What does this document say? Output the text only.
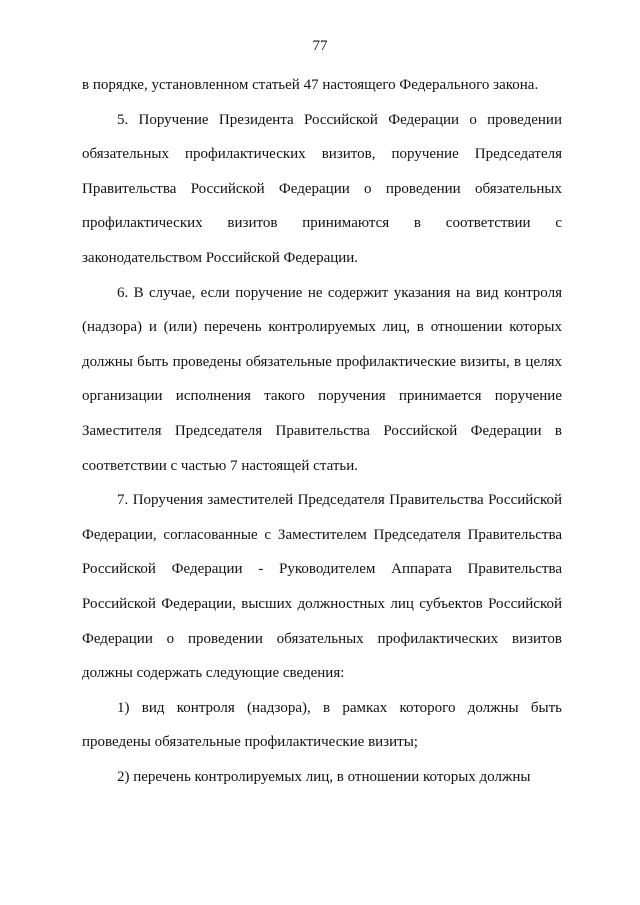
77

в порядке, установленном статьей 47 настоящего Федерального закона.

5. Поручение Президента Российской Федерации о проведении обязательных профилактических визитов, поручение Председателя Правительства Российской Федерации о проведении обязательных профилактических визитов принимаются в соответствии с законодательством Российской Федерации.

6. В случае, если поручение не содержит указания на вид контроля (надзора) и (или) перечень контролируемых лиц, в отношении которых должны быть проведены обязательные профилактические визиты, в целях организации исполнения такого поручения принимается поручение Заместителя Председателя Правительства Российской Федерации в соответствии с частью 7 настоящей статьи.

7. Поручения заместителей Председателя Правительства Российской Федерации, согласованные с Заместителем Председателя Правительства Российской Федерации - Руководителем Аппарата Правительства Российской Федерации, высших должностных лиц субъектов Российской Федерации о проведении обязательных профилактических визитов должны содержать следующие сведения:

1) вид контроля (надзора), в рамках которого должны быть проведены обязательные профилактические визиты;

2) перечень контролируемых лиц, в отношении которых должны
